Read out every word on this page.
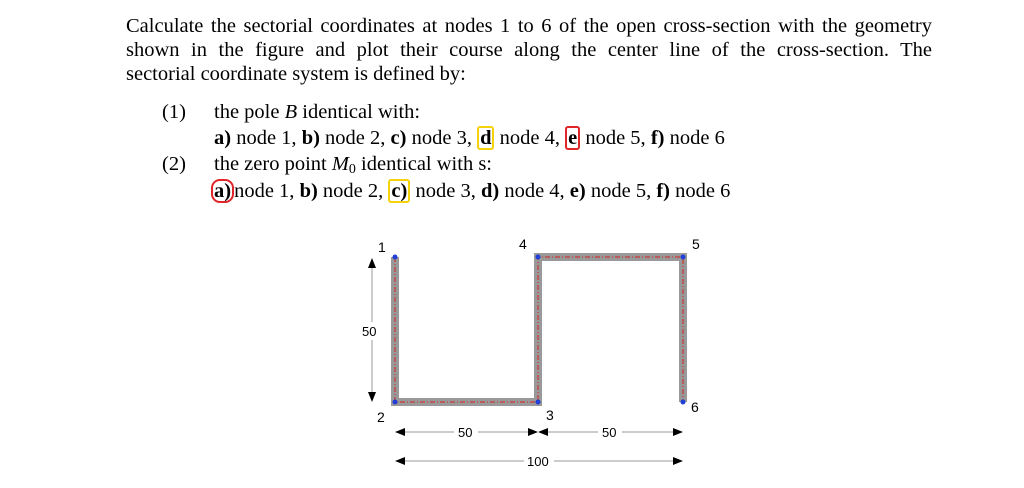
Calculate the sectorial coordinates at nodes 1 to 6 of the open cross-section with the geometry
shown in the figure and plot their course along the center line of the cross-section. The
sectorial coordinate system is defined by:
(1) the pole B identical with:
a) node 1, b) node 2, c) node 3, d node 4, e node 5, f) node 6
(2) the zero point $M_0$ identical with s:
a) node 1, b) node 2, c) node 3, d) node 4, e) node 5, f) node 6
1
2	3
4	5
6
50
50	50
100
